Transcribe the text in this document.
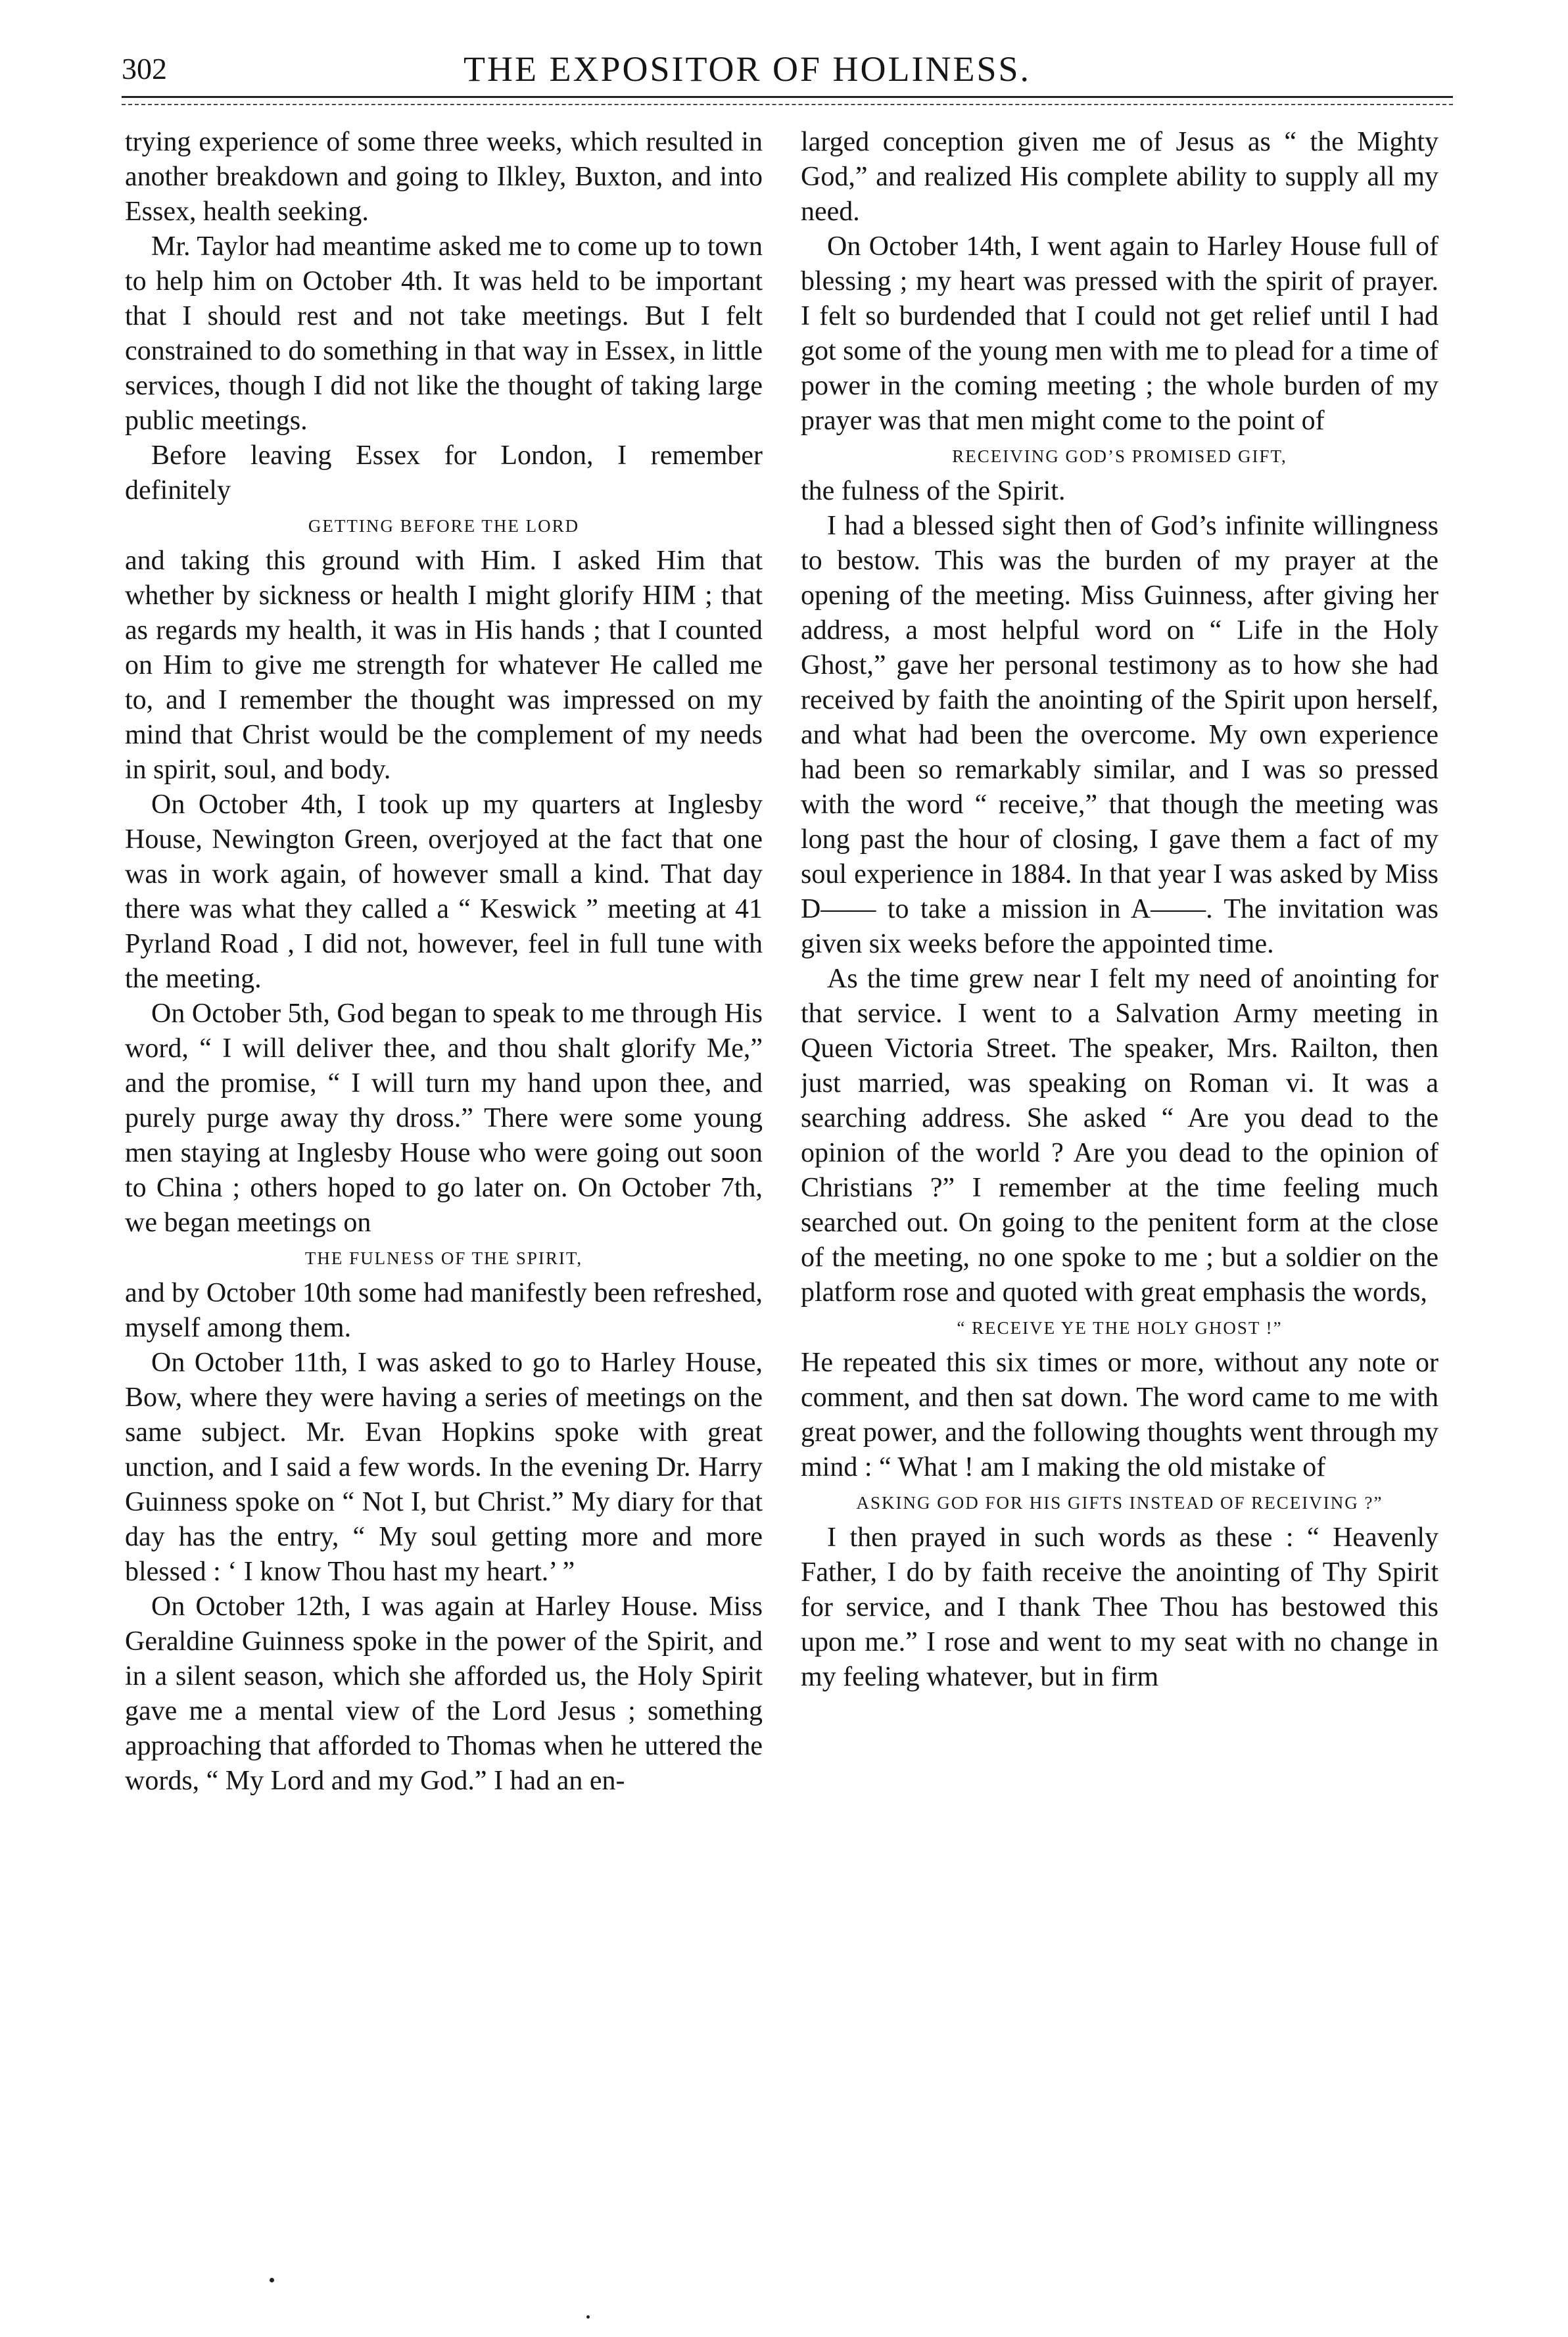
302	THE EXPOSITOR OF HOLINESS.

trying experience of some three weeks, which resulted in another breakdown and going to Ilkley, Buxton, and into Essex, health seeking.

Mr. Taylor had meantime asked me to come up to town to help him on October 4th. It was held to be important that I should rest and not take meetings. But I felt constrained to do something in that way in Essex, in little services, though I did not like the thought of taking large public meetings.

Before leaving Essex for London, I remember definitely

GETTING BEFORE THE LORD

and taking this ground with Him. I asked Him that whether by sickness or health I might glorify HIM ; that as regards my health, it was in His hands ; that I counted on Him to give me strength for whatever He called me to, and I remember the thought was impressed on my mind that Christ would be the complement of my needs in spirit, soul, and body.

On October 4th, I took up my quarters at Inglesby House, Newington Green, overjoyed at the fact that one was in work again, of however small a kind. That day there was what they called a “ Keswick ” meeting at 41 Pyrland Road , I did not, however, feel in full tune with the meeting.

On October 5th, God began to speak to me through His word, “ I will deliver thee, and thou shalt glorify Me,” and the promise, “ I will turn my hand upon thee, and purely purge away thy dross.” There were some young men staying at Inglesby House who were going out soon to China ; others hoped to go later on. On October 7th, we began meetings on

THE FULNESS OF THE SPIRIT,

and by October 10th some had manifestly been refreshed, myself among them.

On October 11th, I was asked to go to Harley House, Bow, where they were having a series of meetings on the same subject. Mr. Evan Hopkins spoke with great unction, and I said a few words. In the evening Dr. Harry Guinness spoke on “ Not I, but Christ.” My diary for that day has the entry, “ My soul getting more and more blessed : ‘ I know Thou hast my heart.’ ”

On October 12th, I was again at Harley House. Miss Geraldine Guinness spoke in the power of the Spirit, and in a silent season, which she afforded us, the Holy Spirit gave me a mental view of the Lord Jesus ; something approaching that afforded to Thomas when he uttered the words, “ My Lord and my God.” I had an en-

larged conception given me of Jesus as “ the Mighty God,” and realized His complete ability to supply all my need.

On October 14th, I went again to Harley House full of blessing ; my heart was pressed with the spirit of prayer. I felt so burdended that I could not get relief until I had got some of the young men with me to plead for a time of power in the coming meeting ; the whole burden of my prayer was that men might come to the point of

RECEIVING GOD’S PROMISED GIFT,

the fulness of the Spirit.

I had a blessed sight then of God’s infinite willingness to bestow. This was the burden of my prayer at the opening of the meeting. Miss Guinness, after giving her address, a most helpful word on “ Life in the Holy Ghost,” gave her personal testimony as to how she had received by faith the anointing of the Spirit upon herself, and what had been the overcome. My own experience had been so remarkably similar, and I was so pressed with the word “ receive,” that though the meeting was long past the hour of closing, I gave them a fact of my soul experience in 1884. In that year I was asked by Miss D—— to take a mission in A——. The invitation was given six weeks before the appointed time.

As the time grew near I felt my need of anointing for that service. I went to a Salvation Army meeting in Queen Victoria Street. The speaker, Mrs. Railton, then just married, was speaking on Roman vi. It was a searching address. She asked “ Are you dead to the opinion of the world ? Are you dead to the opinion of Christians ?” I remember at the time feeling much searched out. On going to the penitent form at the close of the meeting, no one spoke to me ; but a soldier on the platform rose and quoted with great emphasis the words,

“ RECEIVE YE THE HOLY GHOST !”

He repeated this six times or more, without any note or comment, and then sat down. The word came to me with great power, and the following thoughts went through my mind : “ What ! am I making the old mistake of

ASKING GOD FOR HIS GIFTS INSTEAD OF RECEIVING ?”

I then prayed in such words as these : “ Heavenly Father, I do by faith receive the anointing of Thy Spirit for service, and I thank Thee Thou has bestowed this upon me.” I rose and went to my seat with no change in my feeling whatever, but in firm
